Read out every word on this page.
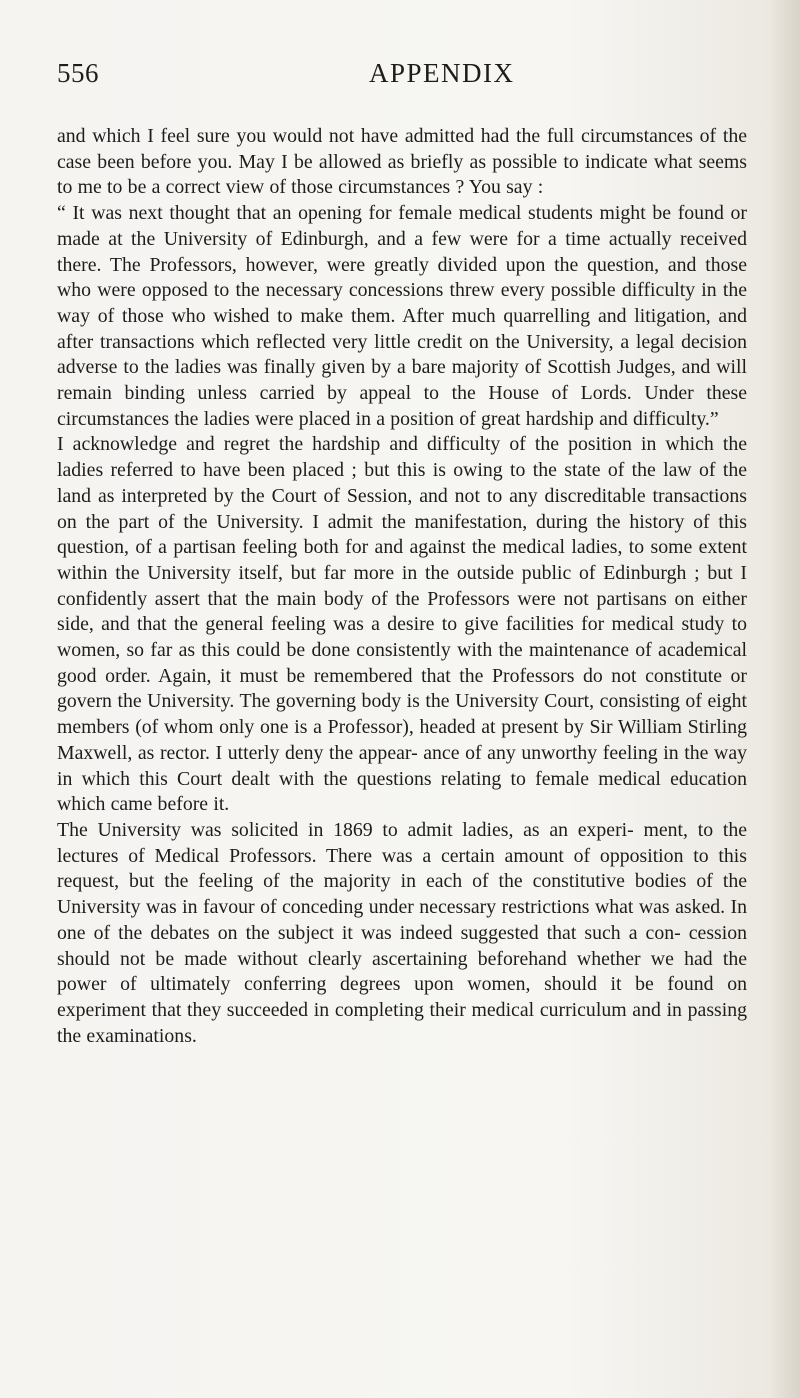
556	APPENDIX

and which I feel sure you would not have admitted had the full circumstances of the case been before you. May I be allowed as briefly as possible to indicate what seems to me to be a correct view of those circumstances ? You say :

“ It was next thought that an opening for female medical students might be found or made at the University of Edinburgh, and a few were for a time actually received there. The Professors, however, were greatly divided upon the question, and those who were opposed to the necessary concessions threw every possible difficulty in the way of those who wished to make them. After much quarrelling and litigation, and after transactions which reflected very little credit on the University, a legal decision adverse to the ladies was finally given by a bare majority of Scottish Judges, and will remain binding unless carried by appeal to the House of Lords. Under these circumstances the ladies were placed in a position of great hardship and difficulty.”

I acknowledge and regret the hardship and difficulty of the position in which the ladies referred to have been placed ; but this is owing to the state of the law of the land as interpreted by the Court of Session, and not to any discreditable transactions on the part of the University. I admit the manifestation, during the history of this question, of a partisan feeling both for and against the medical ladies, to some extent within the University itself, but far more in the outside public of Edinburgh ; but I confidently assert that the main body of the Professors were not partisans on either side, and that the general feeling was a desire to give facilities for medical study to women, so far as this could be done consistently with the maintenance of academical good order. Again, it must be remembered that the Professors do not constitute or govern the University. The governing body is the University Court, consisting of eight members (of whom only one is a Professor), headed at present by Sir William Stirling Maxwell, as rector. I utterly deny the appear- ance of any unworthy feeling in the way in which this Court dealt with the questions relating to female medical education which came before it.

The University was solicited in 1869 to admit ladies, as an experi- ment, to the lectures of Medical Professors. There was a certain amount of opposition to this request, but the feeling of the majority in each of the constitutive bodies of the University was in favour of conceding under necessary restrictions what was asked. In one of the debates on the subject it was indeed suggested that such a con- cession should not be made without clearly ascertaining beforehand whether we had the power of ultimately conferring degrees upon women, should it be found on experiment that they succeeded in completing their medical curriculum and in passing the examinations.
